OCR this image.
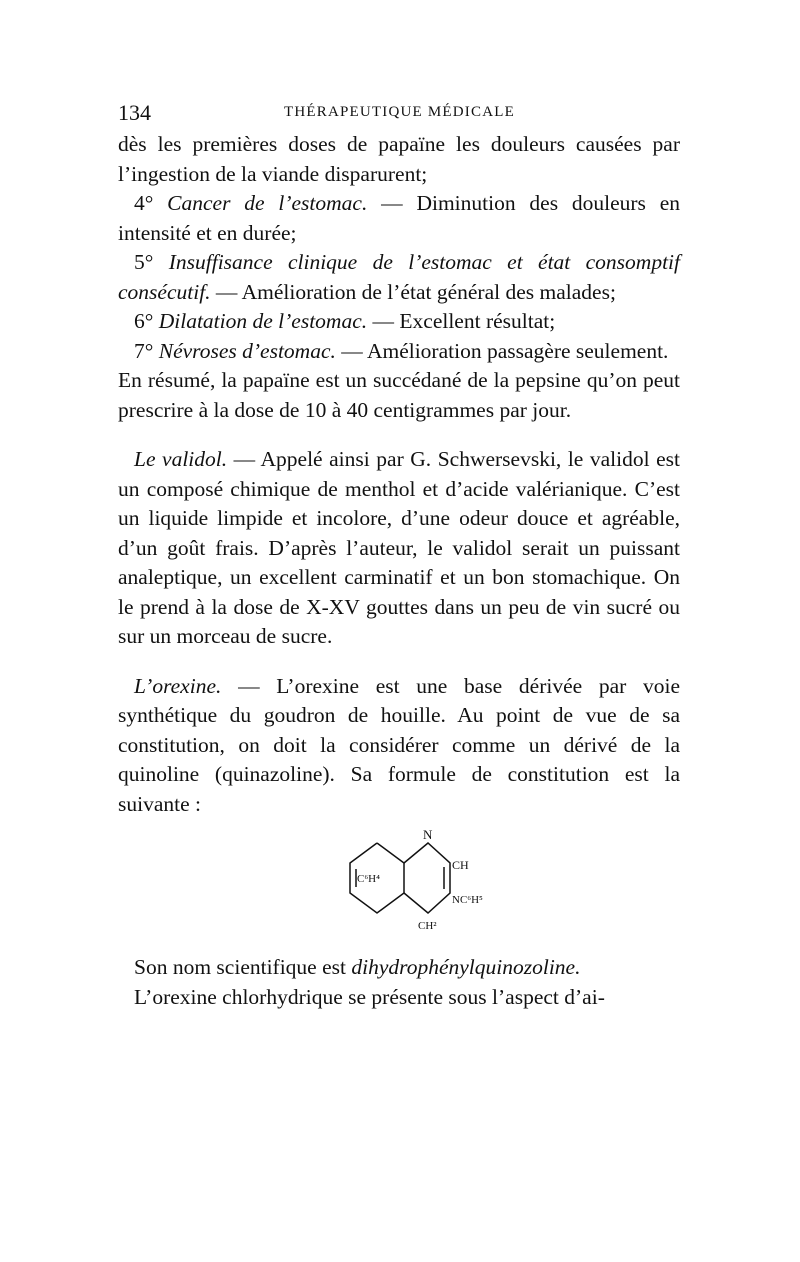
134	THÉRAPEUTIQUE MÉDICALE

dès les premières doses de papaïne les douleurs causées par l’ingestion de la viande disparurent;

4° Cancer de l’estomac. — Diminution des douleurs en intensité et en durée;

5° Insuffisance clinique de l’estomac et état consomptif consécutif. — Amélioration de l’état général des malades;

6° Dilatation de l’estomac. — Excellent résultat;

7° Névroses d’estomac. — Amélioration passagère seulement.

En résumé, la papaïne est un succédané de la pepsine qu’on peut prescrire à la dose de 10 à 40 centigrammes par jour.

Le validol. — Appelé ainsi par G. Schwersevski, le validol est un composé chimique de menthol et d’acide valérianique. C’est un liquide limpide et incolore, d’une odeur douce et agréable, d’un goût frais. D’après l’auteur, le validol serait un puissant analeptique, un excellent carminatif et un bon stomachique. On le prend à la dose de X-XV gouttes dans un peu de vin sucré ou sur un morceau de sucre.

L’orexine. — L’orexine est une base dérivée par voie synthétique du goudron de houille. Au point de vue de sa constitution, on doit la considérer comme un dérivé de la quinoline (quinazoline). Sa formule de constitution est la suivante :

N
CH
C⁶H⁴
NC⁶H⁵
CH²

Son nom scientifique est dihydrophénylquinozoline.

L’orexine chlorhydrique se présente sous l’aspect d’ai-
